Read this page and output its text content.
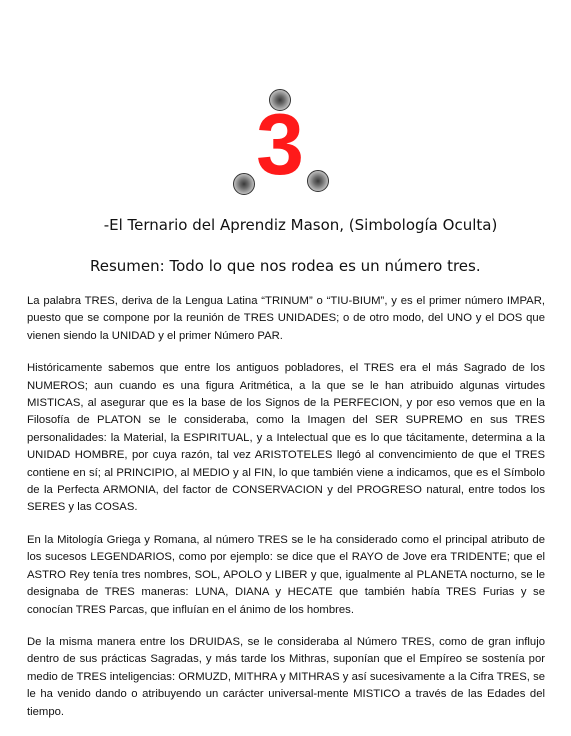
3
-El Ternario del Aprendiz Mason, (Simbología Oculta)
Resumen: Todo lo que nos rodea es un número tres.

La palabra TRES, deriva de la Lengua Latina “TRINUM” o “TIU-BIUM”, y es el primer número IMPAR, puesto que se compone por la reunión de TRES UNIDADES; o de otro modo, del UNO y el DOS que vienen siendo la UNIDAD y el primer Número PAR.

Históricamente sabemos que entre los antiguos pobladores, el TRES era el más Sagrado de los NUMEROS; aun cuando es una figura Aritmética, a la que se le han atribuido algunas virtudes MISTICAS, al asegurar que es la base de los Signos de la PERFECION, y por eso vemos que en la Filosofía de PLATON se le consideraba, como la Imagen del SER SUPREMO en sus TRES personalidades: la Material, la ESPIRITUAL, y a Intelectual que es lo que tácitamente, determina a la UNIDAD HOMBRE, por cuya razón, tal vez ARISTOTELES llegó al convencimiento de que el TRES contiene en sí; al PRINCIPIO, al MEDIO y al FIN, lo que también viene a indicamos, que es el Símbolo de la Perfecta ARMONIA, del factor de CONSERVACION y del PROGRESO natural, entre todos los SERES y las COSAS.

En la Mitología Griega y Romana, al número TRES se le ha considerado como el principal atributo de los sucesos LEGENDARIOS, como por ejemplo: se dice que el RAYO de Jove era TRIDENTE; que el ASTRO Rey tenía tres nombres, SOL, APOLO y LIBER y que, igualmente al PLANETA nocturno, se le designaba de TRES maneras: LUNA, DIANA y HECATE que también había TRES Furias y se conocían TRES Parcas, que influían en el ánimo de los hombres.

De la misma manera entre los DRUIDAS, se le consideraba al Número TRES, como de gran influjo dentro de sus prácticas Sagradas, y más tarde los Mithras, suponían que el Empíreo se sostenía por medio de TRES inteligencias: ORMUZD, MITHRA y MITHRAS y así sucesivamente a la Cifra TRES, se le ha venido dando o atribuyendo un carácter universal-mente MISTICO a través de las Edades del tiempo.
